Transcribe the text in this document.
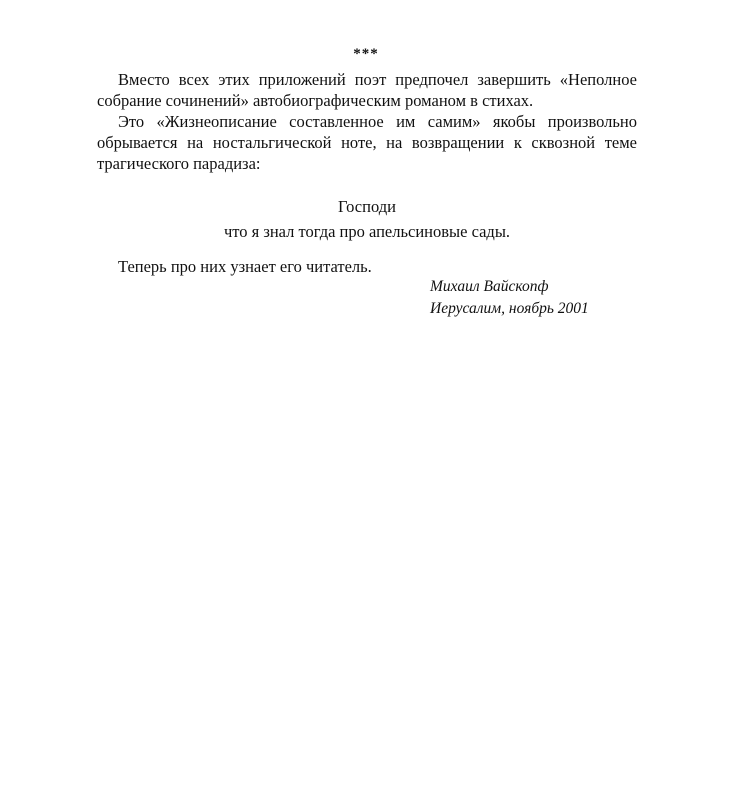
***

Вместо всех этих приложений поэт предпочел завершить «Неполное собрание сочинений» автобиографическим романом в стихах.

Это «Жизнеописание составленное им самим» якобы произвольно обрывается на ностальгической ноте, на возвращении к сквозной теме трагического парадиза:

Господи
что я знал тогда про апельсиновые сады.
Теперь про них узнает его читатель.
Михаил Вайскопф
Иерусалим, ноябрь 2001
